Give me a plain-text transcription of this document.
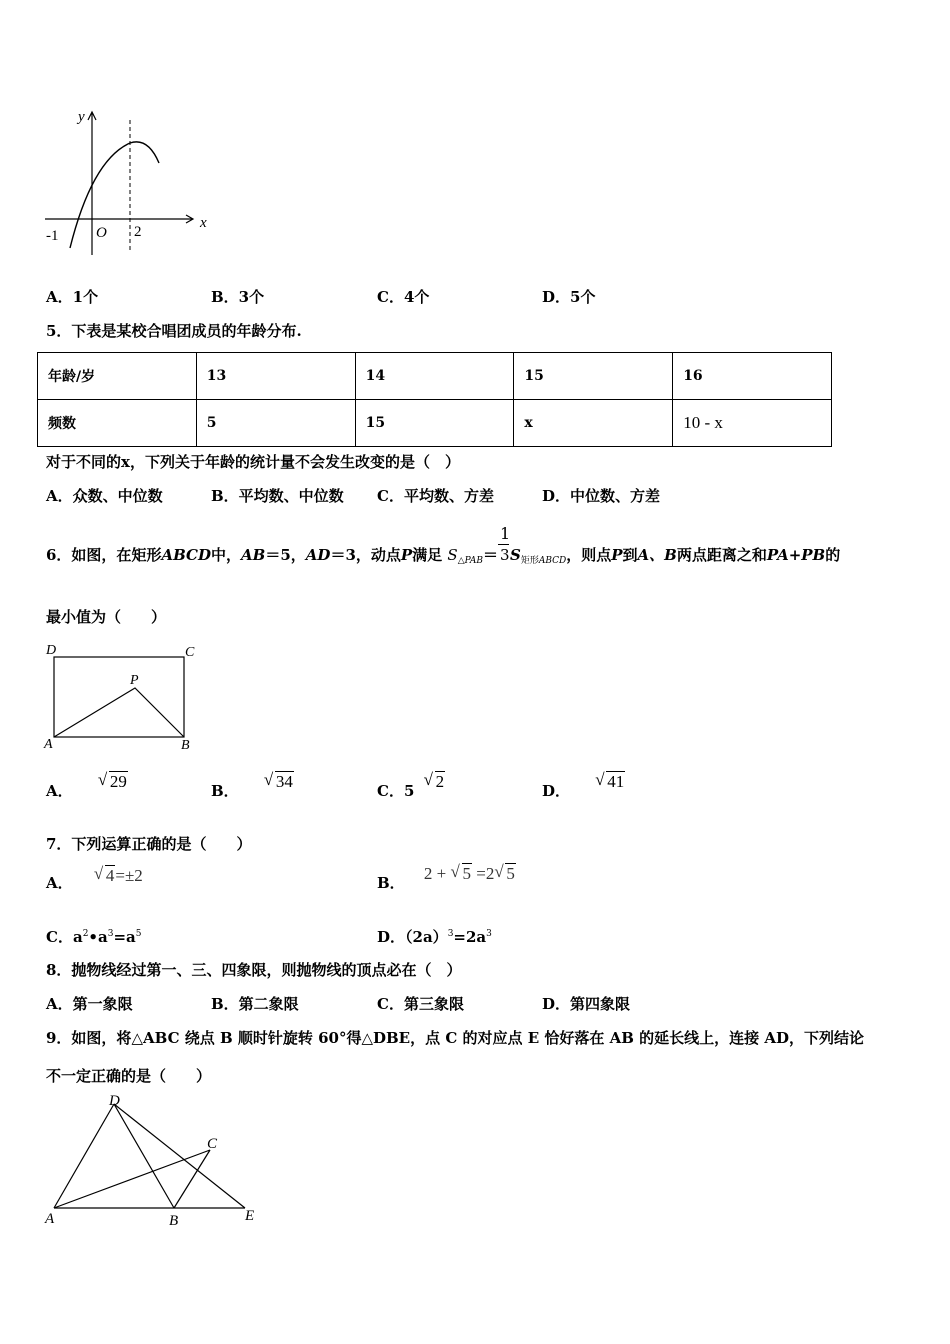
y
x
O
-1	2
A．1个	B．3个	C．4个	D．5个
5．下表是某校合唱团成员的年龄分布.
年龄/岁	13	14	15	16
频数	5	15	x	10 - x
对于不同的x，下列关于年龄的统计量不会发生改变的是（　）
A．众数、中位数	B．平均数、中位数 C．平均数、方差	D．中位数、方差
6．如图，在矩形ABCD中，AB＝5，AD＝3，动点P满足 $S_{\triangle PAB}= \frac{1}{3} S_{矩形ABCD}$，则点P到A、B两点距离之和PA+PB的
最小值为（　　）
D	C
P
A	B
A． √ 29	B． √ 34	C．5 √ 2	D． √ 41
7．下列运算正确的是（　　）
A． √ 4=±2	B． 2 + √ 5 =2 √ 5
C．$a^2•a^3=a^5$	D．$(2a)^3=2a^3$
8．抛物线经过第一、三、四象限，则抛物线的顶点必在（　）
A．第一象限	B．第二象限	C．第三象限	D．第四象限
9．如图，将△ABC 绕点 B 顺时针旋转 60°得△DBE，点 C 的对应点 E 恰好落在 AB 的延长线上，连接 AD，下列结论
不一定正确的是（　　）
D
C
A	B	E
